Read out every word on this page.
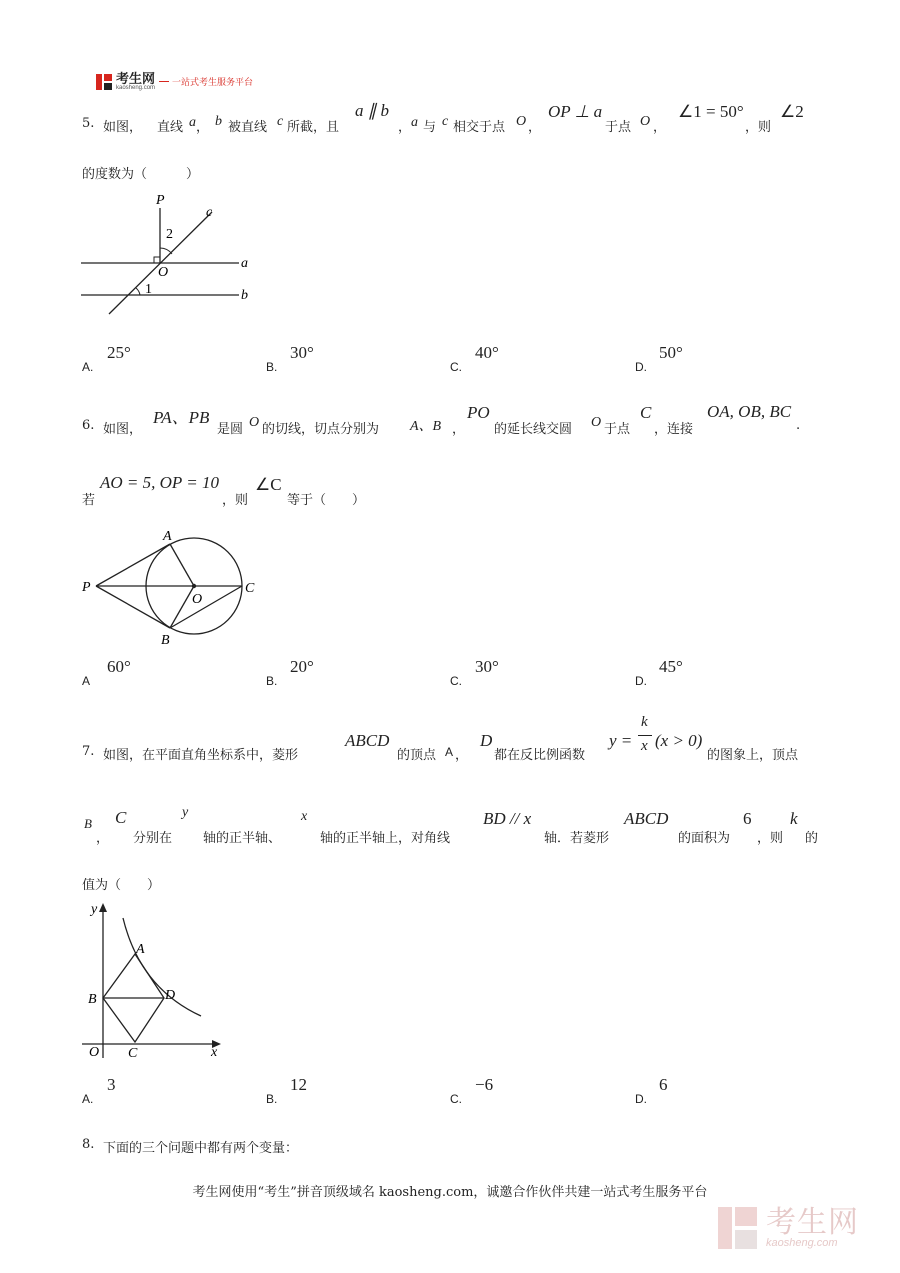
考生网
kaosheng.com 一站式考生服务平台
5. 如图， 直线 a ， b 被直线 c 所截，且
a ∥ b
， a 与 c 相交于点 O ，
OP ⊥ a
于点 O ，
∠1 = 50°
，则
∠2
的度数为（　　　）
P
c
2
O
a
1	b
A.
25°
B.
30°
C.
40°
D.
50°
6. 如图，
PA、PB
是圆 O 的切线，切点分别为 A、B ，
PO
的延长线交圆 O 于点
C
，连接
OA, OB, BC
.
若
AO = 5, OP = 10
，则
∠C
等于（　　）
A
P
O
C
B
A
60°
B.
20°
C.
30°
D.
45°
7. 如图，在平面直角坐标系中，菱形
ABCD
的顶点 A ，
D
都在反比例函数
y =
k
x (x > 0)
的图象上，顶点
B
，
C
分别在
y
轴的正半轴、
x
轴的正半轴上，对角线
BD // x
轴．若菱形
ABCD
的面积为
6
，则
k
的
值为（　　）
y
A
B	D
O C	x
A.
3
B.
12
C.
−6
D.
6
8. 下面的三个问题中都有两个变量：
考生网使用“考生”拼音顶级域名 kaosheng.com，诚邀合作伙伴共建一站式考生服务平台
考生网
kaosheng.com
